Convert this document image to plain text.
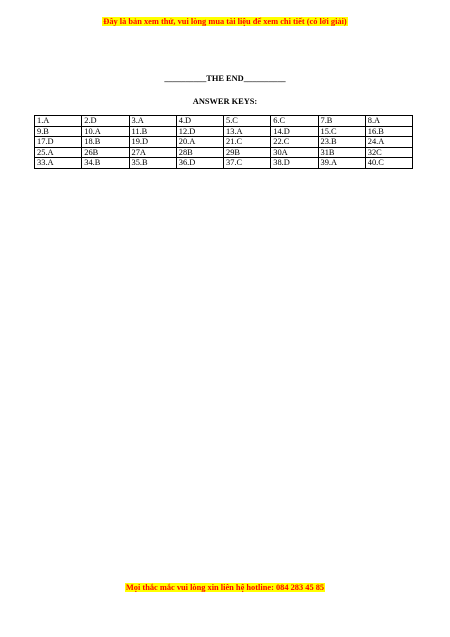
Đây là bản xem thử, vui lòng mua tài liệu để xem chi tiết (có lời giải)
__________THE END__________
ANSWER KEYS:
1.A	2.D	3.A	4.D	5.C	6.C	7.B	8.A
9.B	10.A	11.B	12.D	13.A	14.D	15.C	16.B
17.D	18.B	19.D	20.A	21.C	22.C	23.B	24.A
25.A	26B	27A	28B	29B	30A	31B	32C
33.A	34.B	35.B	36.D	37.C	38.D	39.A	40.C
Mọi thắc mắc vui lòng xin liên hệ hotline: 084 283 45 85
